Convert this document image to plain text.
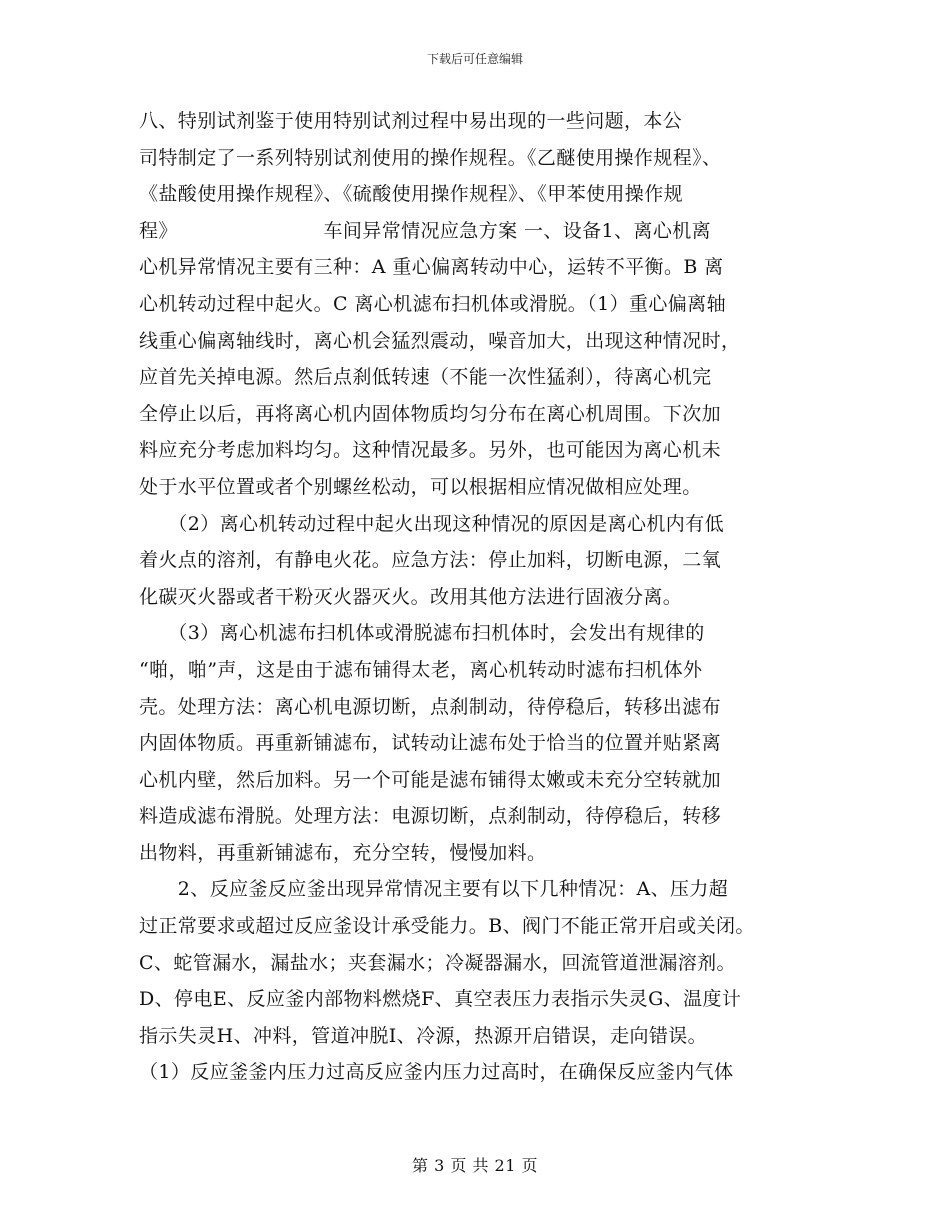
下载后可任意编辑
八、特别试剂鉴于使用特别试剂过程中易出现的一些问题，本公
司特制定了一系列特别试剂使用的操作规程。《乙醚使用操作规程》、
《盐酸使用操作规程》、《硫酸使用操作规程》、《甲苯使用操作规
程》　　　　　　　　车间异常情况应急方案 一、设备1、离心机离
心机异常情况主要有三种：A 重心偏离转动中心，运转不平衡。B 离
心机转动过程中起火。C 离心机滤布扫机体或滑脱。（1）重心偏离轴
线重心偏离轴线时，离心机会猛烈震动，噪音加大，出现这种情况时，
应首先关掉电源。然后点刹低转速（不能一次性猛刹），待离心机完
全停止以后，再将离心机内固体物质均匀分布在离心机周围。下次加
料应充分考虑加料均匀。这种情况最多。另外，也可能因为离心机未
处于水平位置或者个别螺丝松动，可以根据相应情况做相应处理。
　　（2）离心机转动过程中起火出现这种情况的原因是离心机内有低
着火点的溶剂，有静电火花。应急方法：停止加料，切断电源，二氧
化碳灭火器或者干粉灭火器灭火。改用其他方法进行固液分离。
　　（3）离心机滤布扫机体或滑脱滤布扫机体时，会发出有规律的
“啪，啪”声，这是由于滤布铺得太老，离心机转动时滤布扫机体外
壳。处理方法：离心机电源切断，点刹制动，待停稳后，转移出滤布
内固体物质。再重新铺滤布，试转动让滤布处于恰当的位置并贴紧离
心机内壁，然后加料。另一个可能是滤布铺得太嫩或未充分空转就加
料造成滤布滑脱。处理方法：电源切断，点刹制动，待停稳后，转移
出物料，再重新铺滤布，充分空转，慢慢加料。
　　2、反应釜反应釜出现异常情况主要有以下几种情况：A、压力超
过正常要求或超过反应釜设计承受能力。B、阀门不能正常开启或关闭。
C、蛇管漏水，漏盐水；夹套漏水；冷凝器漏水，回流管道泄漏溶剂。
D、停电E、反应釜内部物料燃烧F、真空表压力表指示失灵G、温度计
指示失灵H、冲料，管道冲脱I、冷源，热源开启错误，走向错误。
（1）反应釜釜内压力过高反应釜内压力过高时，在确保反应釜内气体
第 3 页 共 21 页
